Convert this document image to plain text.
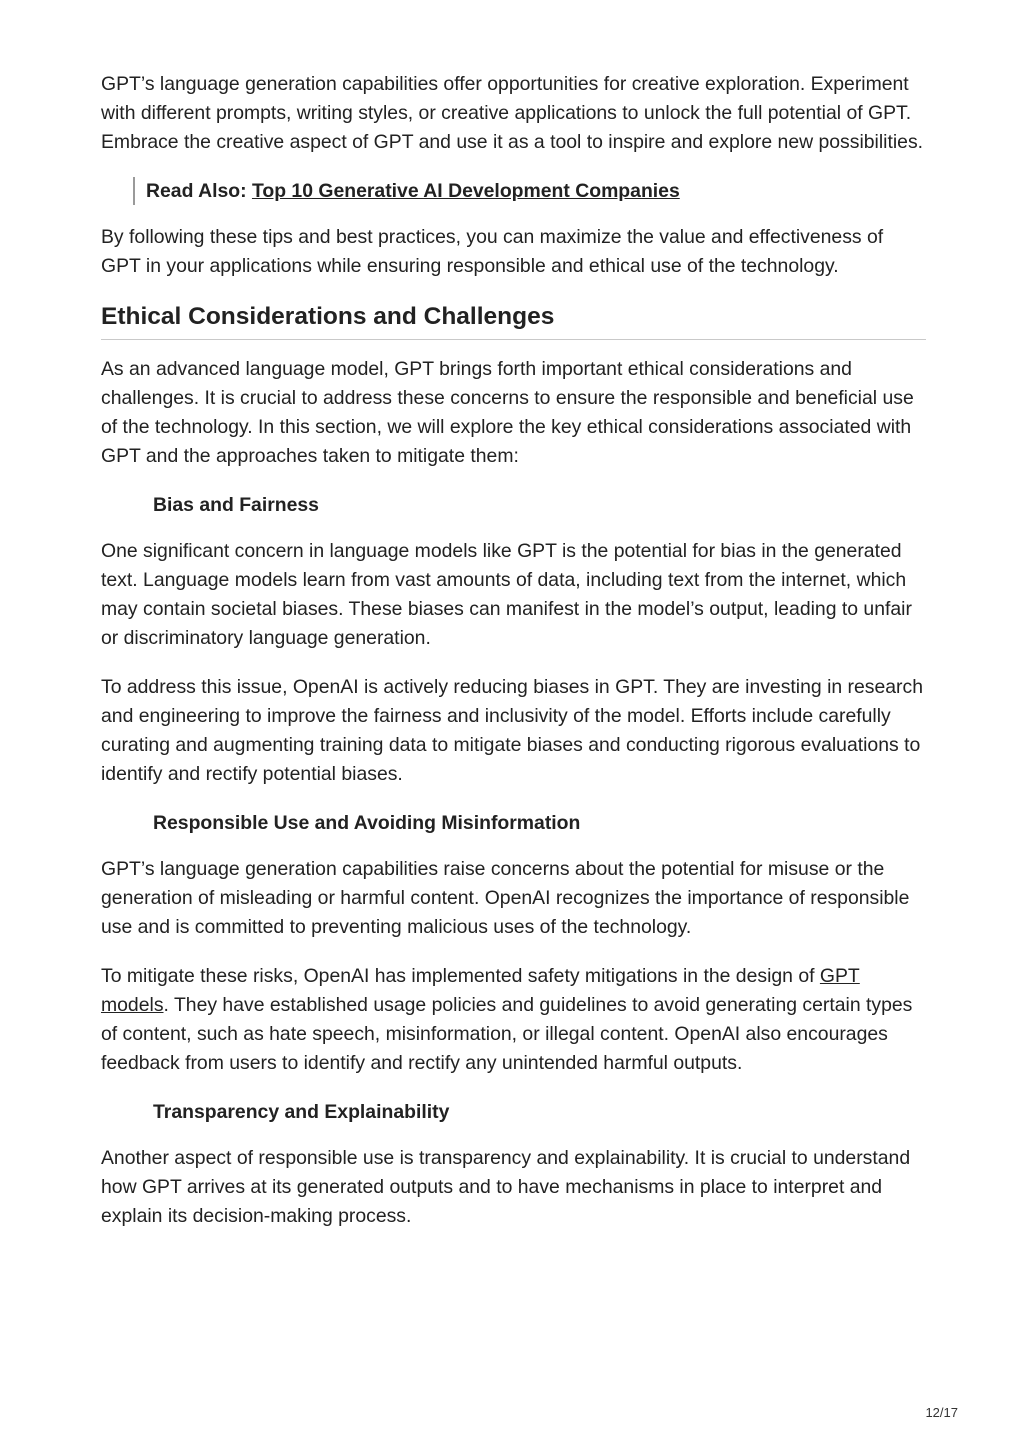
GPT’s language generation capabilities offer opportunities for creative exploration. Experiment with different prompts, writing styles, or creative applications to unlock the full potential of GPT. Embrace the creative aspect of GPT and use it as a tool to inspire and explore new possibilities.

Read Also: Top 10 Generative AI Development Companies

By following these tips and best practices, you can maximize the value and effectiveness of GPT in your applications while ensuring responsible and ethical use of the technology.

Ethical Considerations and Challenges

As an advanced language model, GPT brings forth important ethical considerations and challenges. It is crucial to address these concerns to ensure the responsible and beneficial use of the technology. In this section, we will explore the key ethical considerations associated with GPT and the approaches taken to mitigate them:

Bias and Fairness

One significant concern in language models like GPT is the potential for bias in the generated text. Language models learn from vast amounts of data, including text from the internet, which may contain societal biases. These biases can manifest in the model’s output, leading to unfair or discriminatory language generation.

To address this issue, OpenAI is actively reducing biases in GPT. They are investing in research and engineering to improve the fairness and inclusivity of the model. Efforts include carefully curating and augmenting training data to mitigate biases and conducting rigorous evaluations to identify and rectify potential biases.

Responsible Use and Avoiding Misinformation

GPT’s language generation capabilities raise concerns about the potential for misuse or the generation of misleading or harmful content. OpenAI recognizes the importance of responsible use and is committed to preventing malicious uses of the technology.

To mitigate these risks, OpenAI has implemented safety mitigations in the design of GPT models. They have established usage policies and guidelines to avoid generating certain types of content, such as hate speech, misinformation, or illegal content. OpenAI also encourages feedback from users to identify and rectify any unintended harmful outputs.

Transparency and Explainability

Another aspect of responsible use is transparency and explainability. It is crucial to understand how GPT arrives at its generated outputs and to have mechanisms in place to interpret and explain its decision-making process.

12/17
